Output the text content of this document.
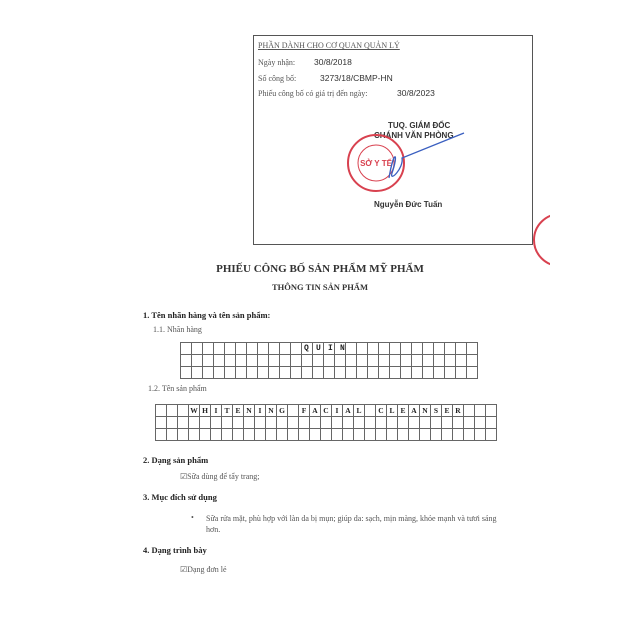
PHẦN DÀNH CHO CƠ QUAN QUẢN LÝ
Ngày nhận: 30/8/2018
Số công bố:	3273/18/CBMP-HN
Phiếu công bố có giá trị đến ngày:	30/8/2023
TUQ. GIÁM ĐỐC
CHÁNH VĂN PHÒNG
SỞ Y TẾ
Nguyễn Đức Tuấn
PHIẾU CÔNG BỐ SẢN PHẨM MỸ PHẨM
THÔNG TIN SẢN PHẨM
1. Tên nhãn hàng và tên sản phẩm:
1.1. Nhãn hàng

QUIN
1.2. Tên sản phẩm
			W	H	I	T	E	N	I	N	G		F	A	C	I	A	L		C	L	E	A	N	S	E	R			

2. Dạng sản phẩm
☑Sữa dùng để tẩy trang;
3. Mục đích sử dụng
• Sữa rửa mặt, phù hợp với làn da bị mụn; giúp da: sạch, mịn màng, khỏe mạnh và tươi sáng hơn.
4. Dạng trình bày
☑Dạng đơn lẻ
